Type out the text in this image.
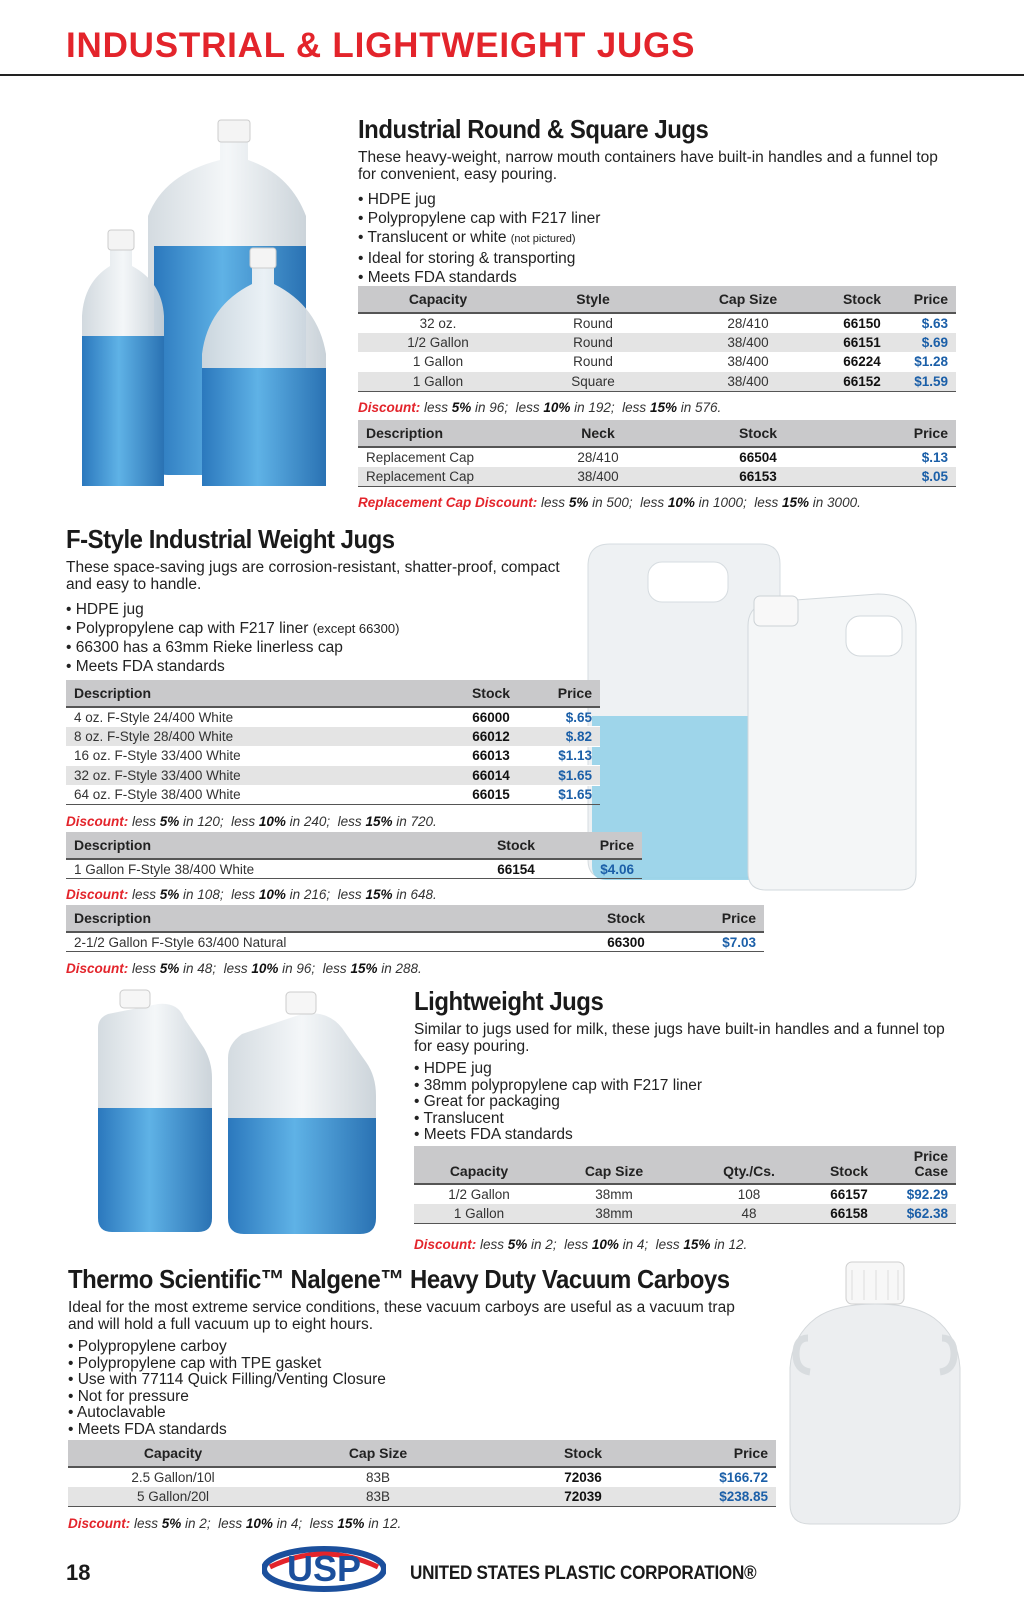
INDUSTRIAL & LIGHTWEIGHT JUGS
Industrial Round & Square Jugs

These heavy-weight, narrow mouth containers have built-in handles and a funnel top for convenient, easy pouring.

• HDPE jug
• Polypropylene cap with F217 liner
• Translucent or white (not pictured)
• Ideal for storing & transporting
• Meets FDA standards
Capacity	Style	Cap Size	Stock	Price
32 oz.	Round	28/410	66150	$.63
1/2 Gallon	Round	38/400	66151	$.69
1 Gallon	Round	38/400	66224	$1.28
1 Gallon	Square	38/400	66152	$1.59
Discount: less 5% in 96;  less 10% in 192;  less 15% in 576.
Description	Neck	Stock	Price
Replacement Cap	28/410	66504	$.13
Replacement Cap	38/400	66153	$.05
Replacement Cap Discount: less 5% in 500;  less 10% in 1000;  less 15% in 3000.
F-Style Industrial Weight Jugs

These space-saving jugs are corrosion-resistant, shatter-proof, compact and easy to handle.

• HDPE jug
• Polypropylene cap with F217 liner (except 66300)
• 66300 has a 63mm Rieke linerless cap
• Meets FDA standards
Description	Stock	Price
4 oz. F-Style 24/400 White	66000	$.65
8 oz. F-Style 28/400 White	66012	$.82
16 oz. F-Style 33/400 White	66013	$1.13
32 oz. F-Style 33/400 White	66014	$1.65
64 oz. F-Style 38/400 White	66015	$1.65
Discount: less 5% in 120;  less 10% in 240;  less 15% in 720.
Description	Stock	Price
1 Gallon F-Style 38/400 White	66154	$4.06
Discount: less 5% in 108;  less 10% in 216;  less 15% in 648.
Description	Stock	Price
2-1/2 Gallon F-Style 63/400 Natural	66300	$7.03
Discount: less 5% in 48;  less 10% in 96;  less 15% in 288.
Lightweight Jugs

Similar to jugs used for milk, these jugs have built-in handles and a funnel top for easy pouring.

• HDPE jug
• 38mm polypropylene cap with F217 liner
• Great for packaging
• Translucent
• Meets FDA standards
Capacity	Cap Size	Qty./Cs.	Stock	Price Case
1/2 Gallon	38mm	108	66157	$92.29
1 Gallon	38mm	48	66158	$62.38
Discount: less 5% in 2;  less 10% in 4;  less 15% in 12.
Thermo Scientific™ Nalgene™ Heavy Duty Vacuum Carboys

Ideal for the most extreme service conditions, these vacuum carboys are useful as a vacuum trap and will hold a full vacuum up to eight hours.

• Polypropylene carboy
• Polypropylene cap with TPE gasket
• Use with 77114 Quick Filling/Venting Closure
• Not for pressure
• Autoclavable
• Meets FDA standards
Capacity	Cap Size	Stock	Price
2.5 Gallon/10l	83B	72036	$166.72
5 Gallon/20l	83B	72039	$238.85
Discount: less 5% in 2;  less 10% in 4;  less 15% in 12.
18	USP	UNITED STATES PLASTIC CORPORATION®
